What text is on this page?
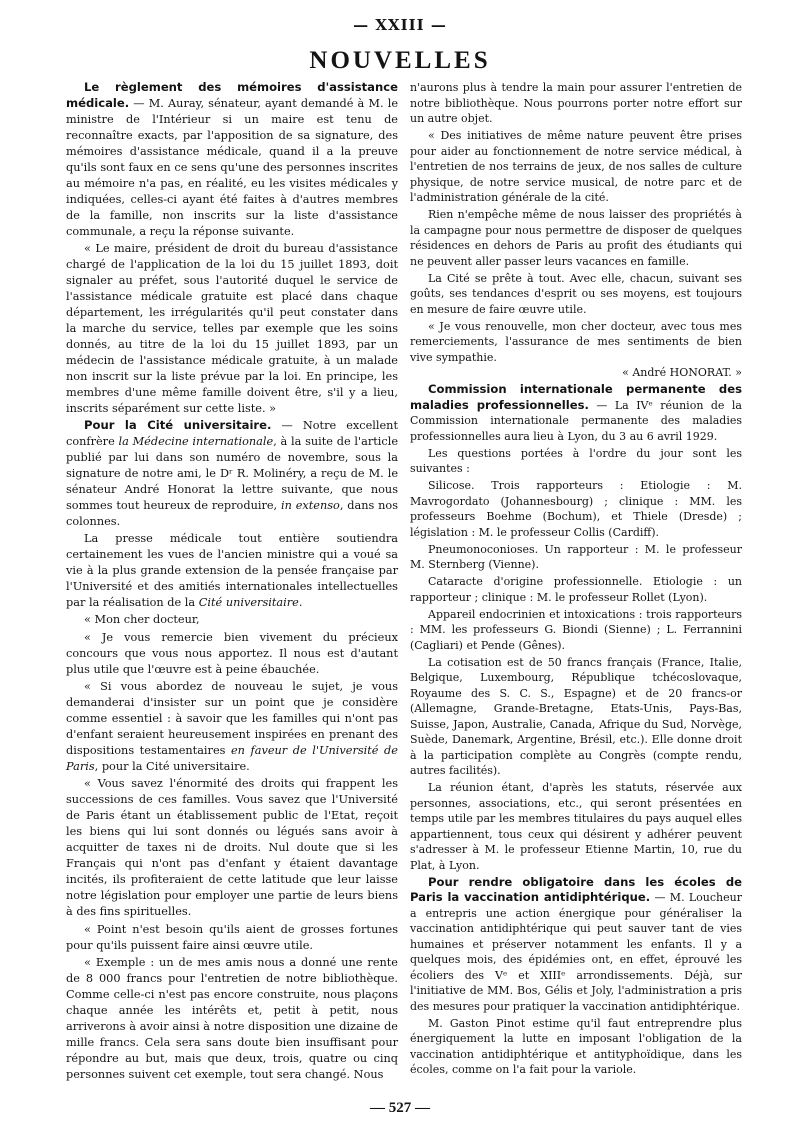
— XXIII —
NOUVELLES

Le règlement des mémoires d'assistance médicale. — M. Auray, sénateur, ayant demandé à M. le ministre de l'Intérieur si un maire est tenu de reconnaître exacts, par l'apposition de sa signature, des mémoires d'assistance médicale, quand il a la preuve qu'ils sont faux en ce sens qu'une des personnes inscrites au mémoire n'a pas, en réalité, eu les visites médicales y indiquées, celles-ci ayant été faites à d'autres membres de la famille, non inscrits sur la liste d'assistance communale, a reçu la réponse suivante.

« Le maire, président de droit du bureau d'assistance chargé de l'application de la loi du 15 juillet 1893, doit signaler au préfet, sous l'autorité duquel le service de l'assistance médicale gratuite est placé dans chaque département, les irrégularités qu'il peut constater dans la marche du service, telles par exemple que les soins donnés, au titre de la loi du 15 juillet 1893, par un médecin de l'assistance médicale gratuite, à un malade non inscrit sur la liste prévue par la loi. En principe, les membres d'une même famille doivent être, s'il y a lieu, inscrits séparément sur cette liste. »

Pour la Cité universitaire. — Notre excellent confrère la Médecine internationale, à la suite de l'article publié par lui dans son numéro de novembre, sous la signature de notre ami, le Dʳ R. Molinéry, a reçu de M. le sénateur André Honorat la lettre suivante, que nous sommes tout heureux de reproduire, in extenso, dans nos colonnes.

La presse médicale tout entière soutiendra certainement les vues de l'ancien ministre qui a voué sa vie à la plus grande extension de la pensée française par l'Université et des amitiés internationales intellectuelles par la réalisation de la Cité universitaire.

« Mon cher docteur,

« Je vous remercie bien vivement du précieux concours que vous nous apportez. Il nous est d'autant plus utile que l'œuvre est à peine ébauchée.

« Si vous abordez de nouveau le sujet, je vous demanderai d'insister sur un point que je considère comme essentiel : à savoir que les familles qui n'ont pas d'enfant seraient heureusement inspirées en prenant des dispositions testamentaires en faveur de l'Université de Paris, pour la Cité universitaire.

« Vous savez l'énormité des droits qui frappent les successions de ces familles. Vous savez que l'Université de Paris étant un établissement public de l'Etat, reçoit les biens qui lui sont donnés ou légués sans avoir à acquitter de taxes ni de droits. Nul doute que si les Français qui n'ont pas d'enfant y étaient davantage incités, ils profiteraient de cette latitude que leur laisse notre législation pour employer une partie de leurs biens à des fins spirituelles.

« Point n'est besoin qu'ils aient de grosses fortunes pour qu'ils puissent faire ainsi œuvre utile.

« Exemple : un de mes amis nous a donné une rente de 8 000 francs pour l'entretien de notre bibliothèque. Comme celle-ci n'est pas encore construite, nous plaçons chaque année les intérêts et, petit à petit, nous arriverons à avoir ainsi à notre disposition une dizaine de mille francs. Cela sera sans doute bien insuffisant pour répondre au but, mais que deux, trois, quatre ou cinq personnes suivent cet exemple, tout sera changé. Nous

n'aurons plus à tendre la main pour assurer l'entretien de notre bibliothèque. Nous pourrons porter notre effort sur un autre objet.

« Des initiatives de même nature peuvent être prises pour aider au fonctionnement de notre service médical, à l'entretien de nos terrains de jeux, de nos salles de culture physique, de notre service musical, de notre parc et de l'administration générale de la cité.

Rien n'empêche même de nous laisser des propriétés à la campagne pour nous permettre de disposer de quelques résidences en dehors de Paris au profit des étudiants qui ne peuvent aller passer leurs vacances en famille.

La Cité se prête à tout. Avec elle, chacun, suivant ses goûts, ses tendances d'esprit ou ses moyens, est toujours en mesure de faire œuvre utile.

« Je vous renouvelle, mon cher docteur, avec tous mes remerciements, l'assurance de mes sentiments de bien vive sympathie.
« André HONORAT. »

Commission internationale permanente des maladies professionnelles. — La IVᵉ réunion de la Commission internationale permanente des maladies professionnelles aura lieu à Lyon, du 3 au 6 avril 1929.

Les questions portées à l'ordre du jour sont les suivantes :

Silicose. Trois rapporteurs : Etiologie : M. Mavrogordato (Johannesbourg) ; clinique : MM. les professeurs Boehme (Bochum), et Thiele (Dresde) ; législation : M. le professeur Collis (Cardiff).

Pneumonoconioses. Un rapporteur : M. le professeur M. Sternberg (Vienne).

Cataracte d'origine professionnelle. Etiologie : un rapporteur ; clinique : M. le professeur Rollet (Lyon).

Appareil endocrinien et intoxications : trois rapporteurs : MM. les professeurs G. Biondi (Sienne) ; L. Ferrannini (Cagliari) et Pende (Gênes).

La cotisation est de 50 francs français (France, Italie, Belgique, Luxembourg, République tchécoslovaque, Royaume des S. C. S., Espagne) et de 20 francs-or (Allemagne, Grande-Bretagne, Etats-Unis, Pays-Bas, Suisse, Japon, Australie, Canada, Afrique du Sud, Norvège, Suède, Danemark, Argentine, Brésil, etc.). Elle donne droit à la participation complète au Congrès (compte rendu, autres facilités).

La réunion étant, d'après les statuts, réservée aux personnes, associations, etc., qui seront présentées en temps utile par les membres titulaires du pays auquel elles appartiennent, tous ceux qui désirent y adhérer peuvent s'adresser à M. le professeur Etienne Martin, 10, rue du Plat, à Lyon.

Pour rendre obligatoire dans les écoles de Paris la vaccination antidiphtérique. — M. Loucheur a entrepris une action énergique pour généraliser la vaccination antidiphtérique qui peut sauver tant de vies humaines et préserver notamment les enfants. Il y a quelques mois, des épidémies ont, en effet, éprouvé les écoliers des Vᵉ et XIIIᵉ arrondissements. Déjà, sur l'initiative de MM. Bos, Gélis et Joly, l'administration a pris des mesures pour pratiquer la vaccination antidiphtérique.

M. Gaston Pinot estime qu'il faut entreprendre plus énergiquement la lutte en imposant l'obligation de la vaccination antidiphtérique et antityphoïdique, dans les écoles, comme on l'a fait pour la variole.

— 527 —
